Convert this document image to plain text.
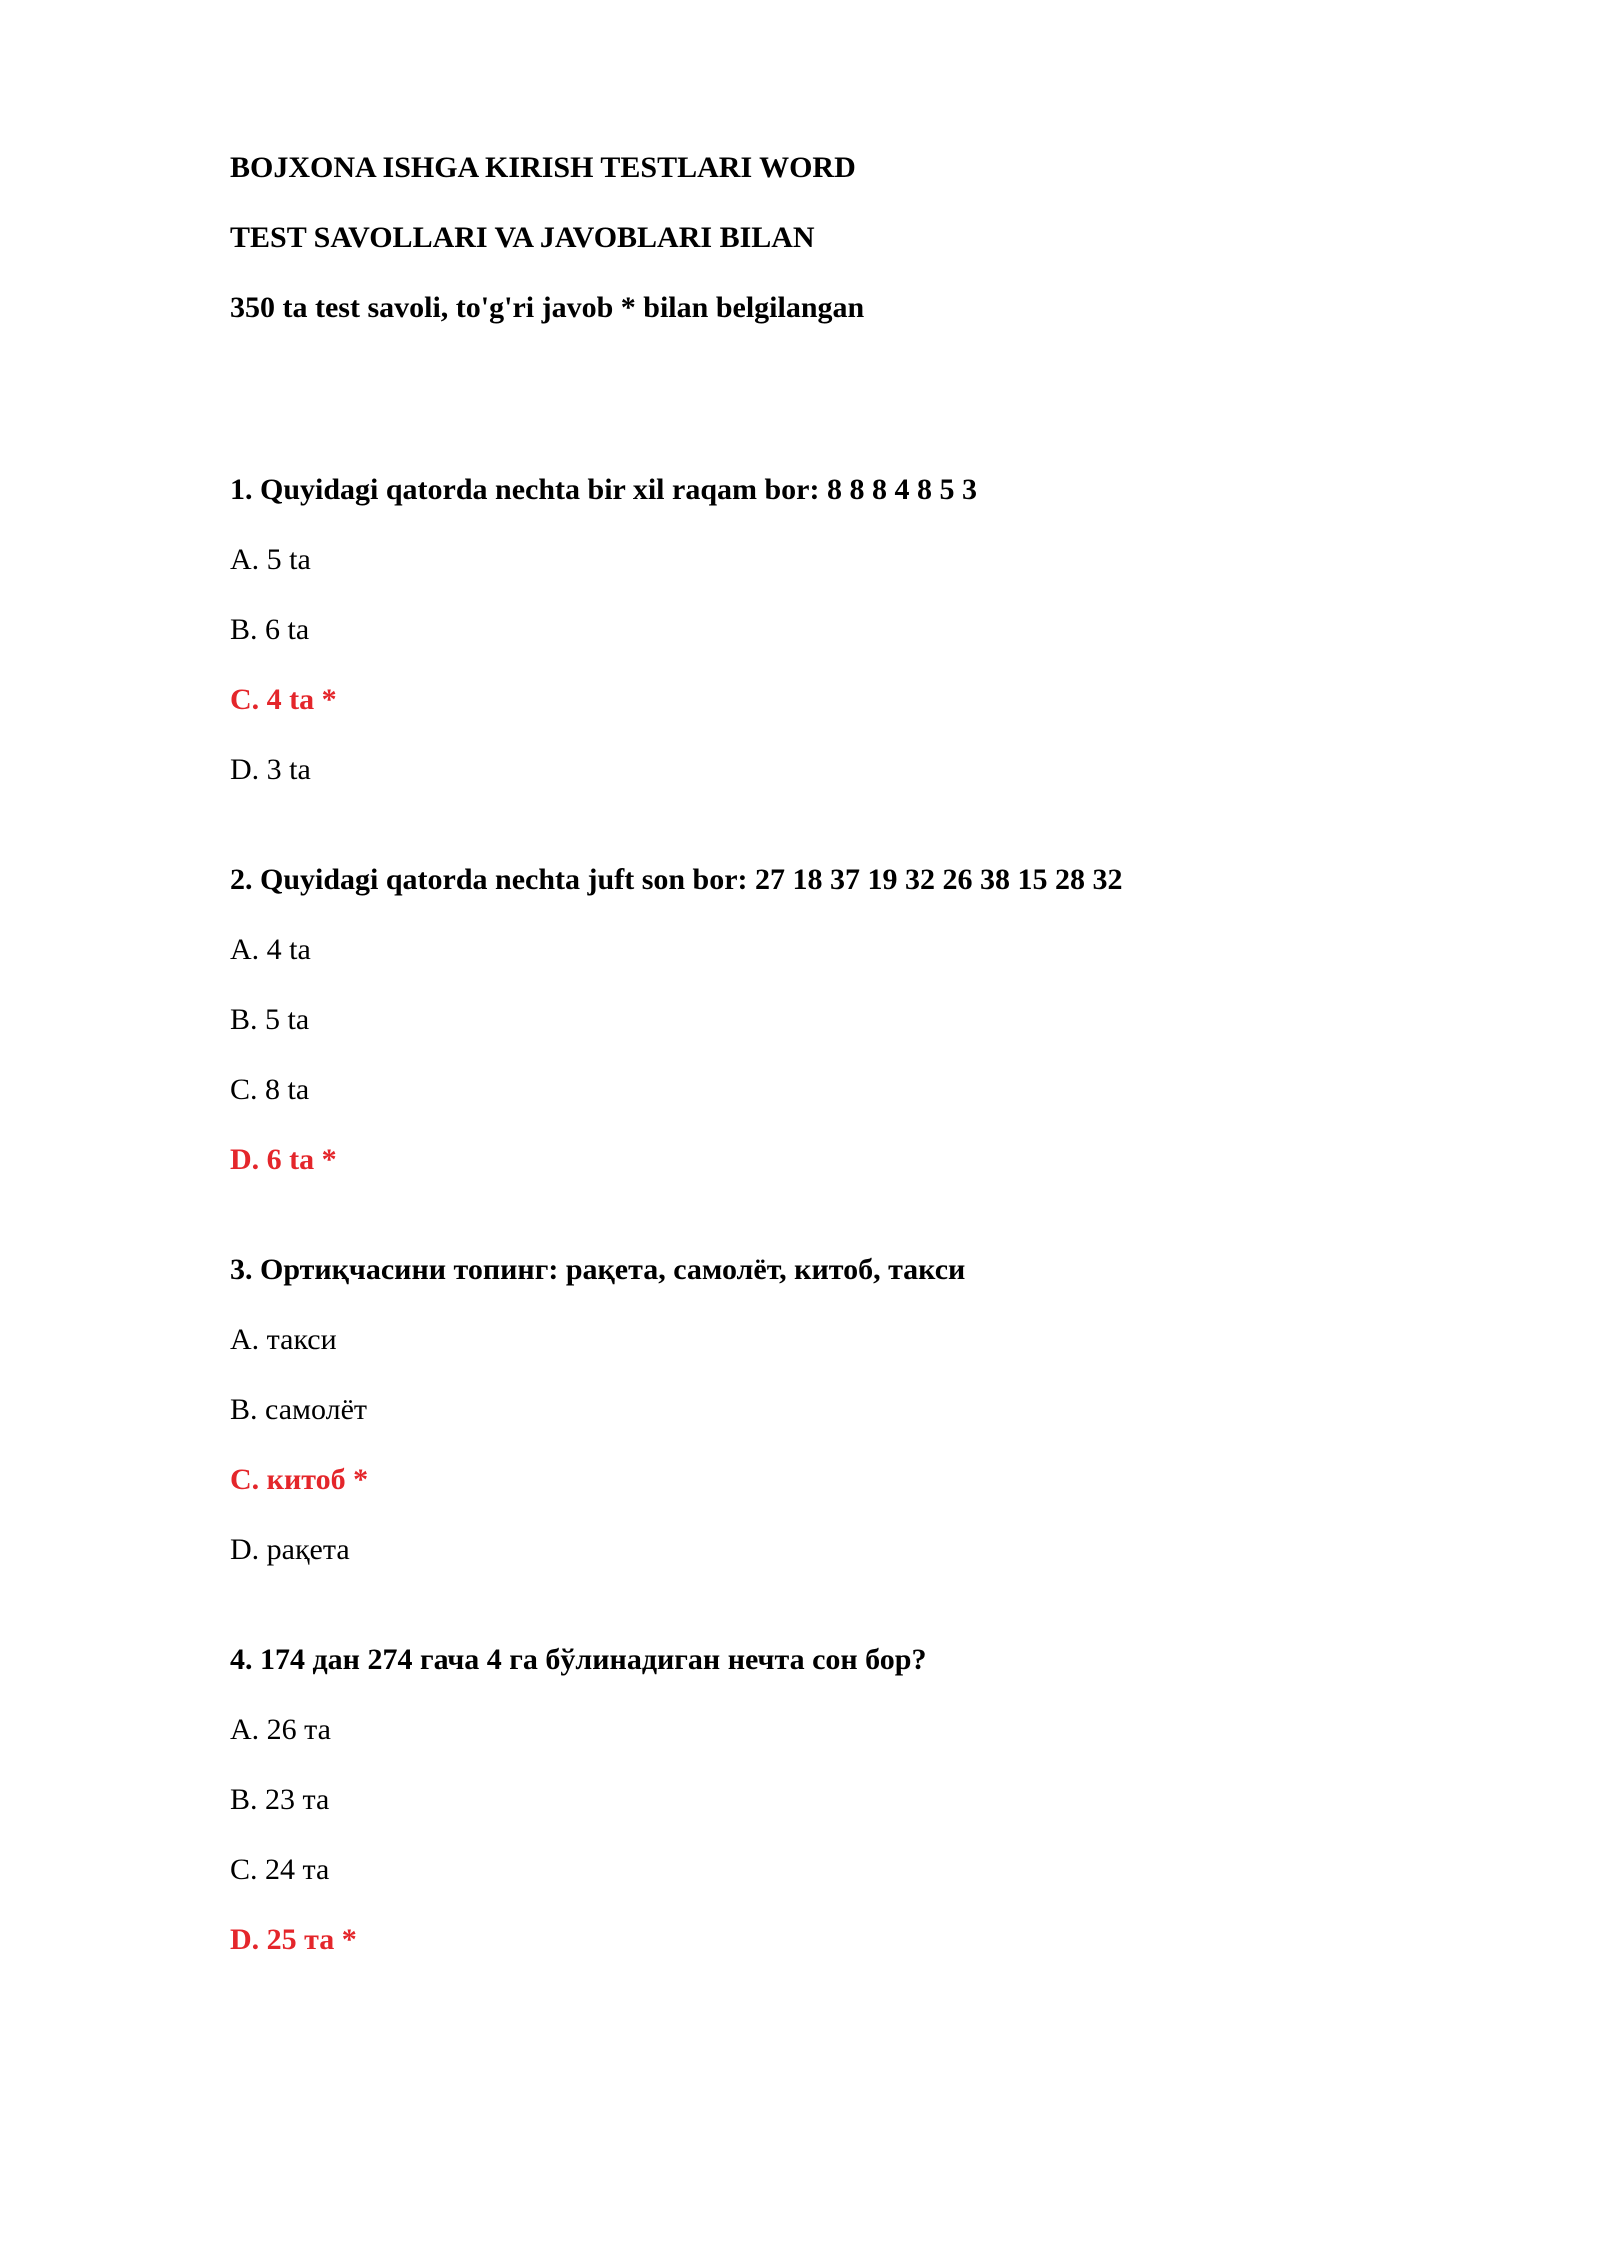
BOJXONA ISHGA KIRISH TESTLARI WORD
TEST SAVOLLARI VA JAVOBLARI BILAN
350 ta test savoli, to'g'ri javob * bilan belgilangan
1. Quyidagi qatorda nechta bir xil raqam bor: 8 8 8 4 8 5 3
A. 5 ta
B. 6 ta
C. 4 ta *
D. 3 ta
2. Quyidagi qatorda nechta juft son bor: 27 18 37 19 32 26 38 15 28 32
A. 4 ta
B. 5 ta
C. 8 ta
D. 6 ta *
3. Ортиқчасини топинг: рақета, самолёт, китоб, такси
A. такси
B. самолёт
C. китоб *
D. рақета
4. 174 дан 274 гача 4 га бўлинадиган нечта сон бор?
A. 26 та
B. 23 та
C. 24 та
D. 25 та *
